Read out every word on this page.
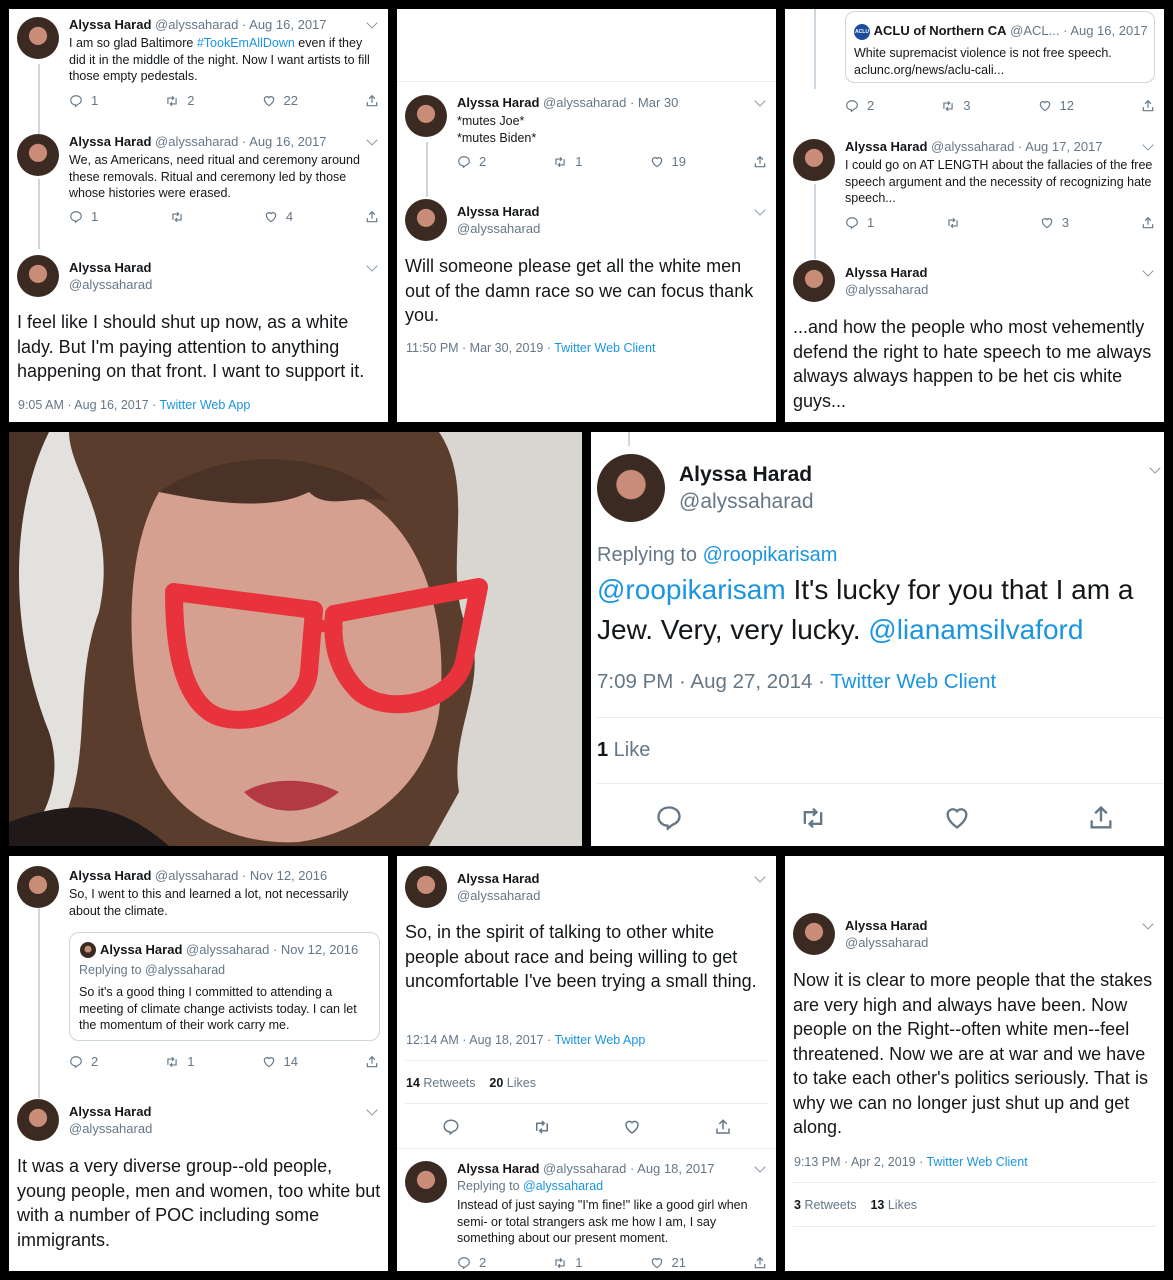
Alyssa Harad @alyssaharad · Aug 16, 2017
I am so glad Baltimore #TookEmAllDown even if they did it in the middle of the night. Now I want artists to fill those empty pedestals.
1	2	22
Alyssa Harad @alyssaharad · Aug 16, 2017
We, as Americans, need ritual and ceremony around these removals. Ritual and ceremony led by those whose histories were erased.
1	4
Alyssa Harad
@alyssaharad
I feel like I should shut up now, as a white lady. But I'm paying attention to anything happening on that front. I want to support it.
9:05 AM · Aug 16, 2017 · Twitter Web App
Alyssa Harad @alyssaharad · Mar 30
*mutes Joe*
*mutes Biden*
2	1	19
Alyssa Harad
@alyssaharad
Will someone please get all the white men out of the damn race so we can focus thank you.
11:50 PM · Mar 30, 2019 · Twitter Web Client
ACLU ACLU of Northern CA @ACL... · Aug 16, 2017
White supremacist violence is not free speech.
aclunc.org/news/aclu-cali...
2	3	12
Alyssa Harad @alyssaharad · Aug 17, 2017
I could go on AT LENGTH about the fallacies of the free speech argument and the necessity of recognizing hate speech...
1	3
Alyssa Harad
@alyssaharad
...and how the people who most vehemently defend the right to hate speech to me always always always happen to be het cis white guys...
Alyssa Harad
@alyssaharad
Replying to @roopikarisam
@roopikarisam It's lucky for you that I am a Jew. Very, very lucky. @lianamsilvaford
7:09 PM · Aug 27, 2014 · Twitter Web Client
1 Like
Alyssa Harad @alyssaharad · Nov 12, 2016
So, I went to this and learned a lot, not necessarily about the climate.
Alyssa Harad @alyssaharad · Nov 12, 2016
Replying to @alyssaharad
So it's a good thing I committed to attending a meeting of climate change activists today. I can let the momentum of their work carry me.
2	1	14
Alyssa Harad
@alyssaharad
It was a very diverse group--old people, young people, men and women, too white but with a number of POC including some immigrants.
Alyssa Harad
@alyssaharad
So, in the spirit of talking to other white people about race and being willing to get uncomfortable I've been trying a small thing.
12:14 AM · Aug 18, 2017 · Twitter Web App
14 Retweets 20 Likes
Alyssa Harad @alyssaharad · Aug 18, 2017
Replying to @alyssaharad
Instead of just saying "I'm fine!" like a good girl when semi- or total strangers ask me how I am, I say something about our present moment.
2	1	21
Alyssa Harad
@alyssaharad
Now it is clear to more people that the stakes are very high and always have been. Now people on the Right--often white men--feel threatened. Now we are at war and we have to take each other's politics seriously. That is why we can no longer just shut up and get along.
9:13 PM · Apr 2, 2019 · Twitter Web Client
3 Retweets 13 Likes
